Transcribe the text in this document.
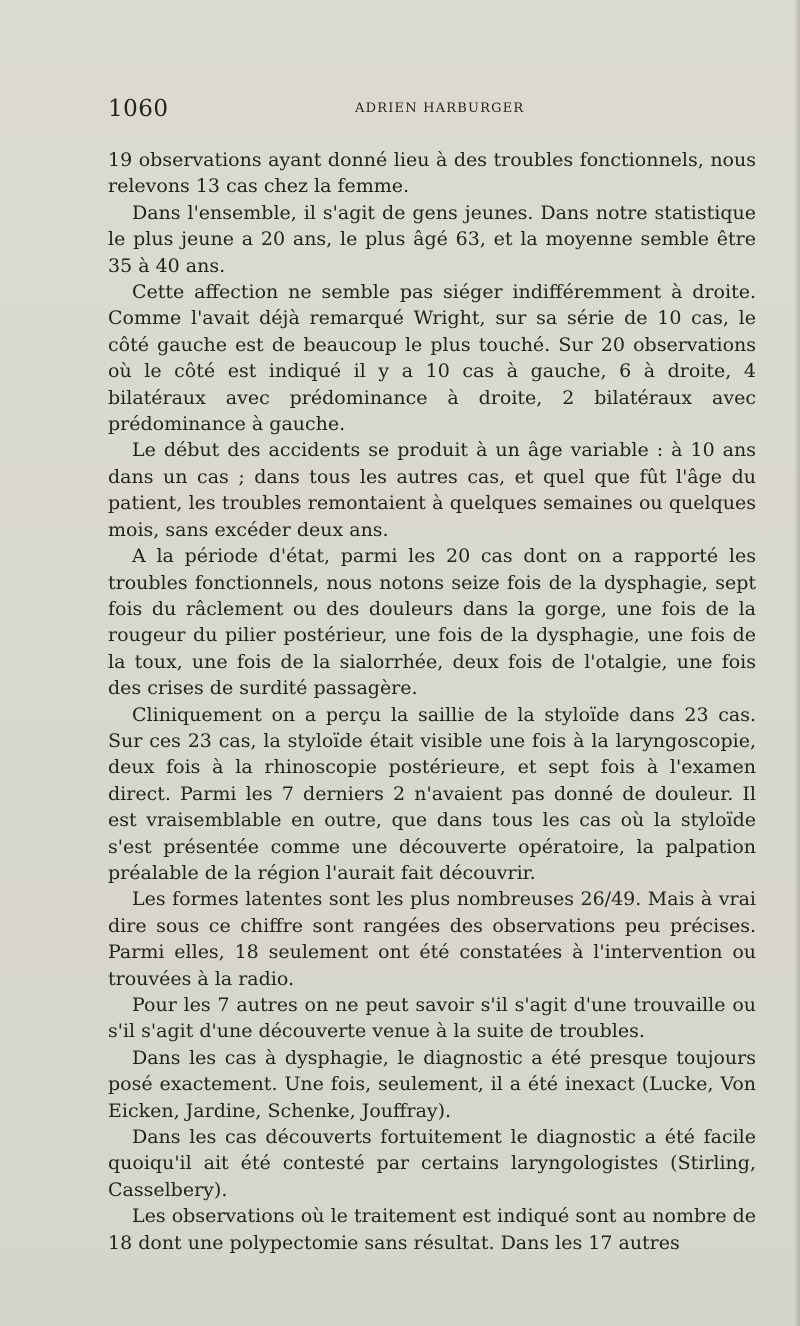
1060	ADRIEN HARBURGER

19 observations ayant donné lieu à des troubles fonctionnels, nous relevons 13 cas chez la femme.

Dans l'ensemble, il s'agit de gens jeunes. Dans notre statistique le plus jeune a 20 ans, le plus âgé 63, et la moyenne semble être 35 à 40 ans.

Cette affection ne semble pas siéger indifféremment à droite. Comme l'avait déjà remarqué Wright, sur sa série de 10 cas, le côté gauche est de beaucoup le plus touché. Sur 20 observations où le côté est indiqué il y a 10 cas à gauche, 6 à droite, 4 bilatéraux avec prédominance à droite, 2 bilatéraux avec prédominance à gauche.

Le début des accidents se produit à un âge variable : à 10 ans dans un cas ; dans tous les autres cas, et quel que fût l'âge du patient, les troubles remontaient à quelques semaines ou quelques mois, sans excéder deux ans.

A la période d'état, parmi les 20 cas dont on a rapporté les troubles fonctionnels, nous notons seize fois de la dysphagie, sept fois du râclement ou des douleurs dans la gorge, une fois de la rougeur du pilier postérieur, une fois de la dysphagie, une fois de la toux, une fois de la sialorrhée, deux fois de l'otalgie, une fois des crises de surdité passagère.

Cliniquement on a perçu la saillie de la styloïde dans 23 cas. Sur ces 23 cas, la styloïde était visible une fois à la laryngoscopie, deux fois à la rhinoscopie postérieure, et sept fois à l'examen direct. Parmi les 7 derniers 2 n'avaient pas donné de douleur. Il est vraisemblable en outre, que dans tous les cas où la styloïde s'est présentée comme une découverte opératoire, la palpation préalable de la région l'aurait fait découvrir.

Les formes latentes sont les plus nombreuses 26/49. Mais à vrai dire sous ce chiffre sont rangées des observations peu précises. Parmi elles, 18 seulement ont été constatées à l'intervention ou trouvées à la radio.

Pour les 7 autres on ne peut savoir s'il s'agit d'une trouvaille ou s'il s'agit d'une découverte venue à la suite de troubles.

Dans les cas à dysphagie, le diagnostic a été presque toujours posé exactement. Une fois, seulement, il a été inexact (Lucke, Von Eicken, Jardine, Schenke, Jouffray).

Dans les cas découverts fortuitement le diagnostic a été facile quoiqu'il ait été contesté par certains laryngologistes (Stirling, Casselbery).

Les observations où le traitement est indiqué sont au nombre de 18 dont une polypectomie sans résultat. Dans les 17 autres
